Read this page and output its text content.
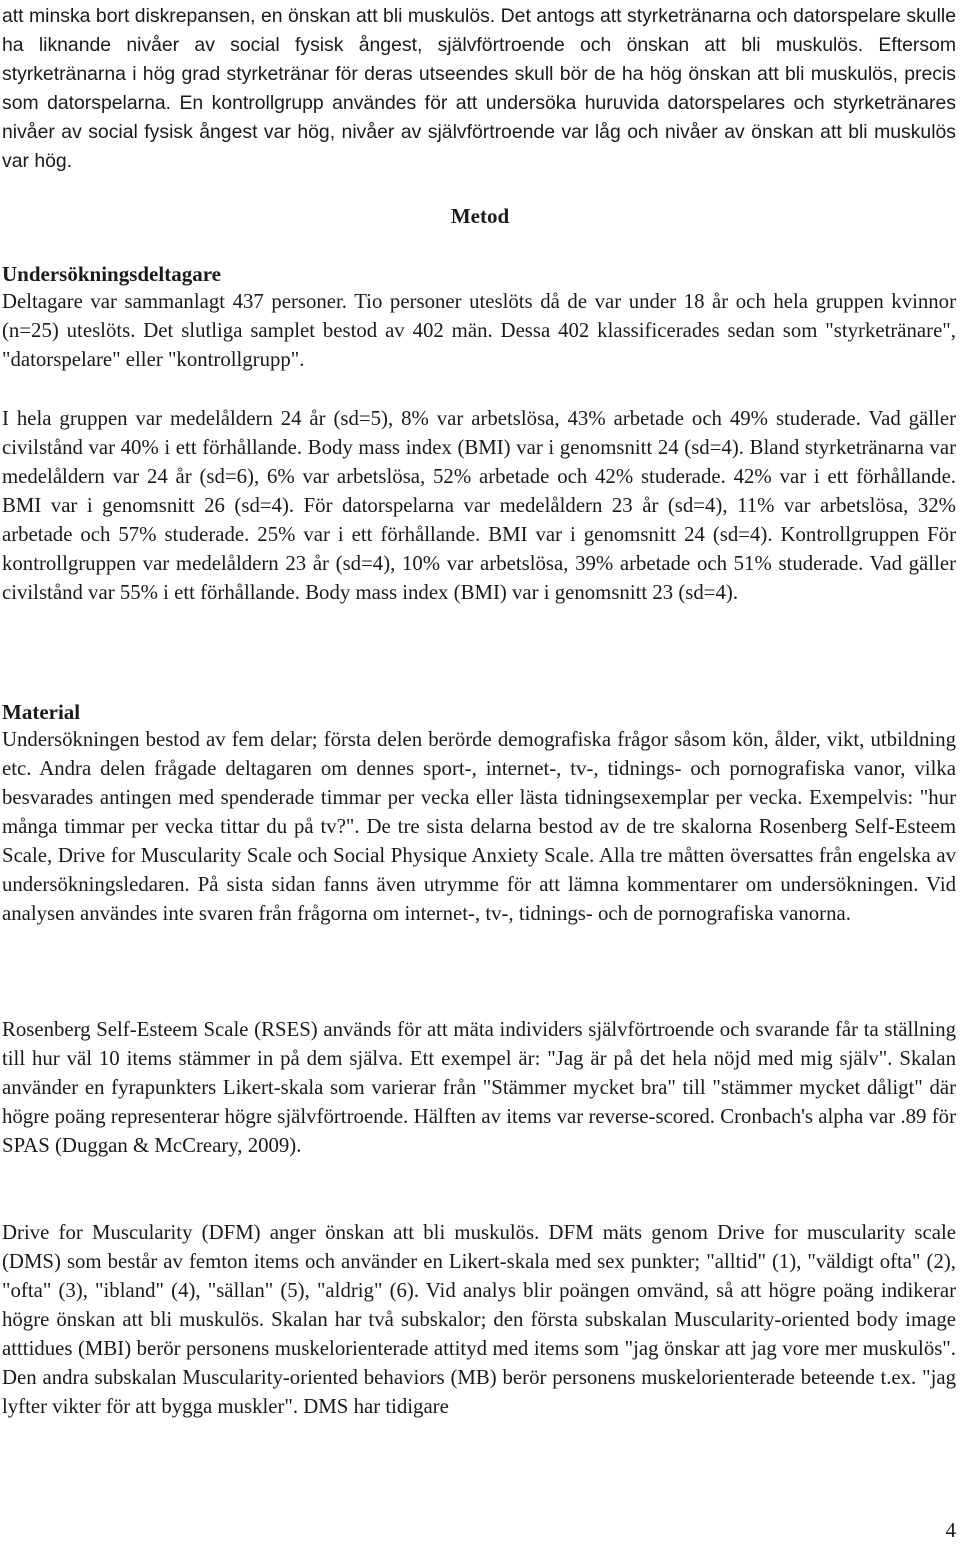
att minska bort diskrepansen, en önskan att bli muskulös. Det antogs att styrketränarna och datorspelare skulle ha liknande nivåer av social fysisk ångest, självförtroende och önskan att bli muskulös. Eftersom styrketränarna i hög grad styrketränar för deras utseendes skull bör de ha hög önskan att bli muskulös, precis som datorspelarna. En kontrollgrupp användes för att undersöka huruvida datorspelares och styrketränares nivåer av social fysisk ångest var hög, nivåer av självförtroende var låg och nivåer av önskan att bli muskulös var hög.

Metod
Undersökningsdeltagare

Deltagare var sammanlagt 437 personer. Tio personer uteslöts då de var under 18 år och hela gruppen kvinnor (n=25) uteslöts. Det slutliga samplet bestod av 402 män. Dessa 402 klassificerades sedan som "styrketränare", "datorspelare" eller "kontrollgrupp".

I hela gruppen var medelåldern 24 år (sd=5), 8% var arbetslösa, 43% arbetade och 49% studerade. Vad gäller civilstånd var 40% i ett förhållande. Body mass index (BMI) var i genomsnitt 24 (sd=4). Bland styrketränarna var medelåldern var 24 år (sd=6), 6% var arbetslösa, 52% arbetade och 42% studerade. 42% var i ett förhållande. BMI var i genomsnitt 26 (sd=4). För datorspelarna var medelåldern 23 år (sd=4), 11% var arbetslösa, 32% arbetade och 57% studerade. 25% var i ett förhållande. BMI var i genomsnitt 24 (sd=4). Kontrollgruppen För kontrollgruppen var medelåldern 23 år (sd=4), 10% var arbetslösa, 39% arbetade och 51% studerade. Vad gäller civilstånd var 55% i ett förhållande. Body mass index (BMI) var i genomsnitt 23 (sd=4).

Material

Undersökningen bestod av fem delar; första delen berörde demografiska frågor såsom kön, ålder, vikt, utbildning etc. Andra delen frågade deltagaren om dennes sport-, internet-, tv-, tidnings- och pornografiska vanor, vilka besvarades antingen med spenderade timmar per vecka eller lästa tidningsexemplar per vecka. Exempelvis: "hur många timmar per vecka tittar du på tv?". De tre sista delarna bestod av de tre skalorna Rosenberg Self-Esteem Scale, Drive for Muscularity Scale och Social Physique Anxiety Scale. Alla tre måtten översattes från engelska av undersökningsledaren. På sista sidan fanns även utrymme för att lämna kommentarer om undersökningen. Vid analysen användes inte svaren från frågorna om internet-, tv-, tidnings- och de pornografiska vanorna.

Rosenberg Self-Esteem Scale (RSES) används för att mäta individers självförtroende och svarande får ta ställning till hur väl 10 items stämmer in på dem själva. Ett exempel är: "Jag är på det hela nöjd med mig själv". Skalan använder en fyrapunkters Likert-skala som varierar från "Stämmer mycket bra" till "stämmer mycket dåligt" där högre poäng representerar högre självförtroende. Hälften av items var reverse-scored. Cronbach's alpha var .89 för SPAS (Duggan & McCreary, 2009).

Drive for Muscularity (DFM) anger önskan att bli muskulös. DFM mäts genom Drive for muscularity scale (DMS) som består av femton items och använder en Likert-skala med sex punkter; "alltid" (1), "väldigt ofta" (2), "ofta" (3), "ibland" (4), "sällan" (5), "aldrig" (6). Vid analys blir poängen omvänd, så att högre poäng indikerar högre önskan att bli muskulös. Skalan har två subskalor; den första subskalan Muscularity-oriented body image atttidues (MBI) berör personens muskelorienterade attityd med items som "jag önskar att jag vore mer muskulös". Den andra subskalan Muscularity-oriented behaviors (MB) berör personens muskelorienterade beteende t.ex. "jag lyfter vikter för att bygga muskler". DMS har tidigare

4
